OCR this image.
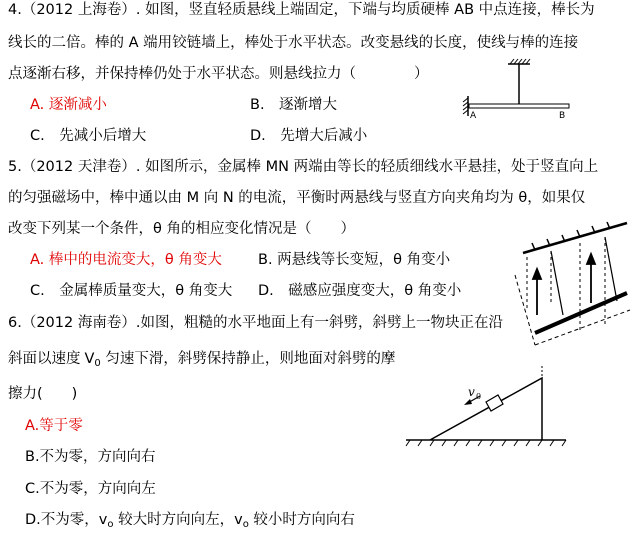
4.（2012 上海卷）. 如图，竖直轻质悬线上端固定，下端与均质硬棒 AB 中点连接，棒长为
线长的二倍。棒的 A 端用铰链墙上，棒处于水平状态。改变悬线的长度，使线与棒的连接
点逐渐右移，并保持棒仍处于水平状态。则悬线拉力（　　　　）
A. 逐渐减小	B.　逐渐增大
C.　先减小后增大	D.　先增大后减小
A	B
5.（2012 天津卷）. 如图所示，金属棒 MN 两端由等长的轻质细线水平悬挂，处于竖直向上
的匀强磁场中，棒中通以由 M 向 N 的电流，平衡时两悬线与竖直方向夹角均为 θ，如果仅
改变下列某一个条件，θ 角的相应变化情况是（　　）
A. 棒中的电流变大，θ 角变大 B. 两悬线等长变短，θ 角变小
C.　金属棒质量变大，θ 角变大 D.　磁感应强度变大，θ 角变小
6.（2012 海南卷）.如图，粗糙的水平地面上有一斜劈，斜劈上一物块正在沿
斜面以速度 $V_0$ 匀速下滑，斜劈保持静止，则地面对斜劈的摩
擦力(　　)
A.等于零
B.不为零，方向向右
C.不为零，方向向左
D.不为零，$v_o$ 较大时方向向左，$v_o$ 较小时方向向右
v 0
